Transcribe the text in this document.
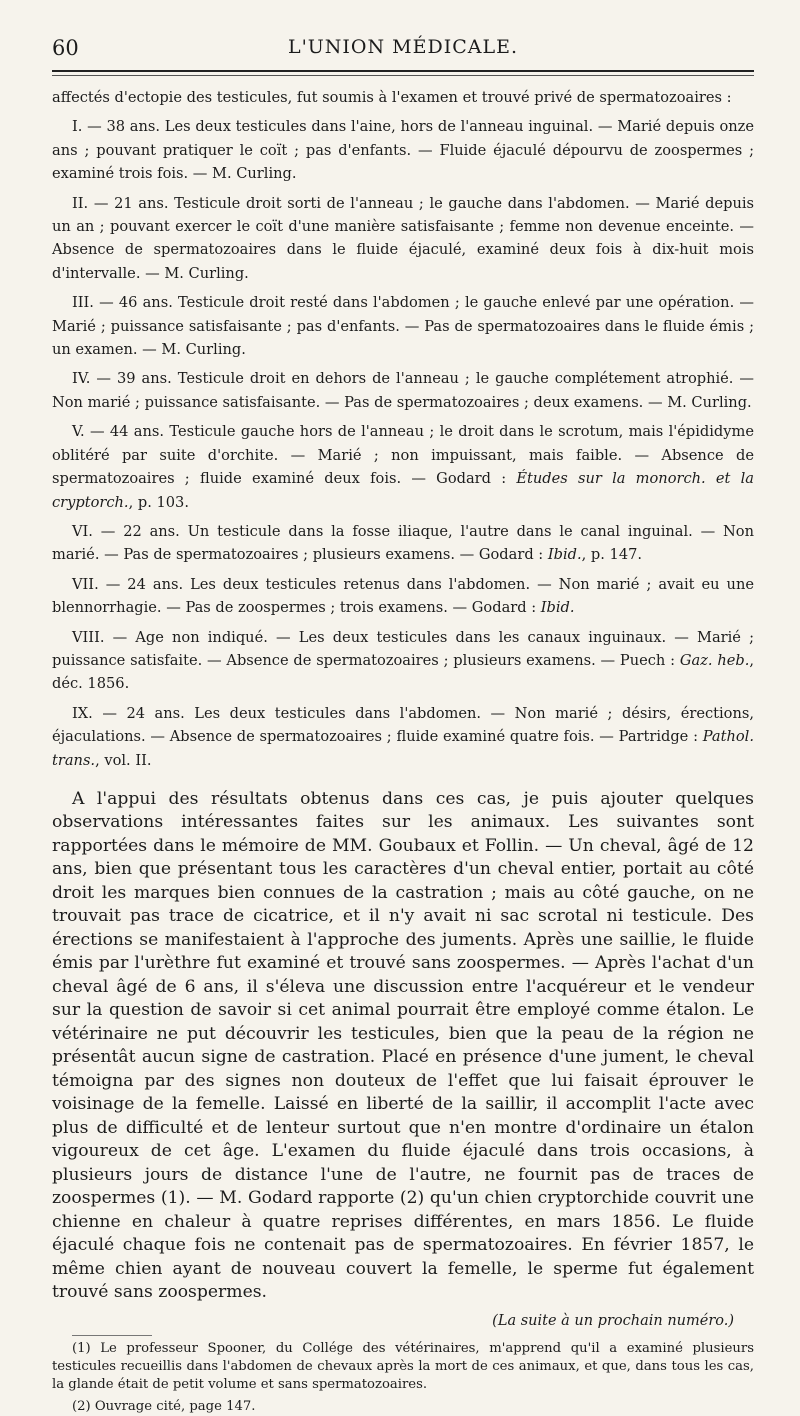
60	L'UNION MÉDICALE.

affectés d'ectopie des testicules, fut soumis à l'examen et trouvé privé de spermatozoaires :

I. — 38 ans. Les deux testicules dans l'aine, hors de l'anneau inguinal. — Marié depuis onze ans ; pouvant pratiquer le coït ; pas d'enfants. — Fluide éjaculé dépourvu de zoospermes ; examiné trois fois. — M. Curling.

II. — 21 ans. Testicule droit sorti de l'anneau ; le gauche dans l'abdomen. — Marié depuis un an ; pouvant exercer le coït d'une manière satisfaisante ; femme non devenue enceinte. — Absence de spermatozoaires dans le fluide éjaculé, examiné deux fois à dix-huit mois d'intervalle. — M. Curling.

III. — 46 ans. Testicule droit resté dans l'abdomen ; le gauche enlevé par une opération. — Marié ; puissance satisfaisante ; pas d'enfants. — Pas de spermatozoaires dans le fluide émis ; un examen. — M. Curling.

IV. — 39 ans. Testicule droit en dehors de l'anneau ; le gauche complétement atrophié. — Non marié ; puissance satisfaisante. — Pas de spermatozoaires ; deux examens. — M. Curling.

V. — 44 ans. Testicule gauche hors de l'anneau ; le droit dans le scrotum, mais l'épididyme oblitéré par suite d'orchite. — Marié ; non impuissant, mais faible. — Absence de spermatozoaires ; fluide examiné deux fois. — Godard : Études sur la monorch. et la cryptorch., p. 103.

VI. — 22 ans. Un testicule dans la fosse iliaque, l'autre dans le canal inguinal. — Non marié. — Pas de spermatozoaires ; plusieurs examens. — Godard : Ibid., p. 147.

VII. — 24 ans. Les deux testicules retenus dans l'abdomen. — Non marié ; avait eu une blennorrhagie. — Pas de zoospermes ; trois examens. — Godard : Ibid.

VIII. — Age non indiqué. — Les deux testicules dans les canaux inguinaux. — Marié ; puissance satisfaite. — Absence de spermatozoaires ; plusieurs examens. — Puech : Gaz. heb., déc. 1856.

IX. — 24 ans. Les deux testicules dans l'abdomen. — Non marié ; désirs, érections, éjaculations. — Absence de spermatozoaires ; fluide examiné quatre fois. — Partridge : Pathol. trans., vol. II.

A l'appui des résultats obtenus dans ces cas, je puis ajouter quelques observations intéressantes faites sur les animaux. Les suivantes sont rapportées dans le mémoire de MM. Goubaux et Follin. — Un cheval, âgé de 12 ans, bien que présentant tous les caractères d'un cheval entier, portait au côté droit les marques bien connues de la castration ; mais au côté gauche, on ne trouvait pas trace de cicatrice, et il n'y avait ni sac scrotal ni testicule. Des érections se manifestaient à l'approche des juments. Après une saillie, le fluide émis par l'urèthre fut examiné et trouvé sans zoospermes. — Après l'achat d'un cheval âgé de 6 ans, il s'éleva une discussion entre l'acquéreur et le vendeur sur la question de savoir si cet animal pourrait être employé comme étalon. Le vétérinaire ne put découvrir les testicules, bien que la peau de la région ne présentât aucun signe de castration. Placé en présence d'une jument, le cheval témoigna par des signes non douteux de l'effet que lui faisait éprouver le voisinage de la femelle. Laissé en liberté de la saillir, il accomplit l'acte avec plus de difficulté et de lenteur surtout que n'en montre d'ordinaire un étalon vigoureux de cet âge. L'examen du fluide éjaculé dans trois occasions, à plusieurs jours de distance l'une de l'autre, ne fournit pas de traces de zoospermes (1). — M. Godard rapporte (2) qu'un chien cryptorchide couvrit une chienne en chaleur à quatre reprises différentes, en mars 1856. Le fluide éjaculé chaque fois ne contenait pas de spermatozoaires. En février 1857, le même chien ayant de nouveau couvert la femelle, le sperme fut également trouvé sans zoospermes.

(La suite à un prochain numéro.)

(1) Le professeur Spooner, du Collége des vétérinaires, m'apprend qu'il a examiné plusieurs testicules recueillis dans l'abdomen de chevaux après la mort de ces animaux, et que, dans tous les cas, la glande était de petit volume et sans spermatozoaires.

(2) Ouvrage cité, page 147.
